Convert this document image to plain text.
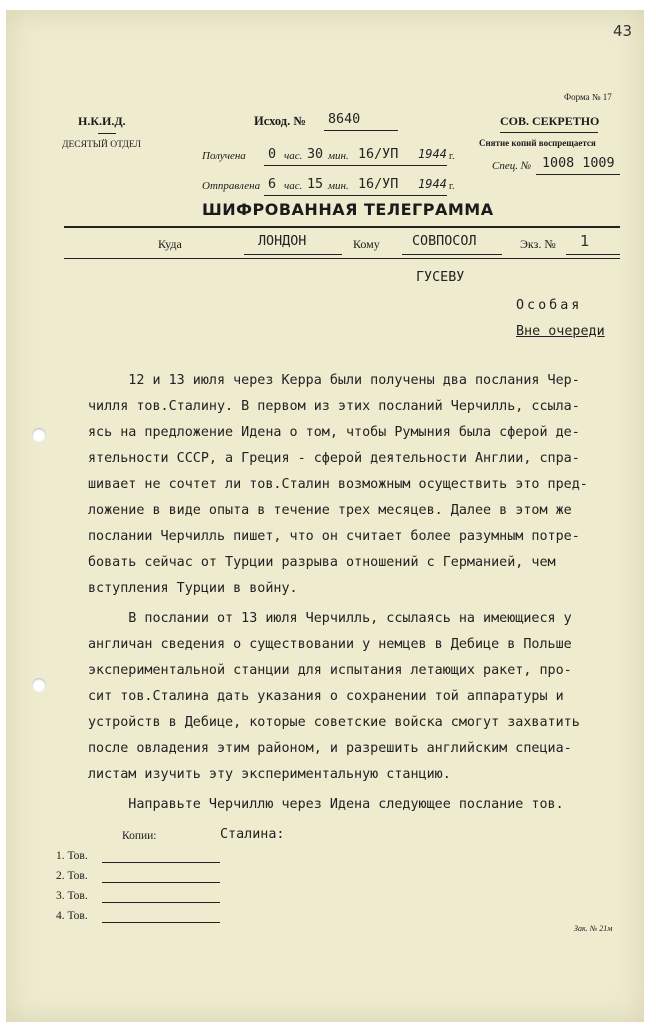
43
Форма № 17
Н.К.И.Д.
ДЕСЯТЫЙ ОТДЕЛ
Исход. № 8640
Получена 0 час. 30 мин. 16/УП 1944 г.
Отправлена 6 час. 15 мин. 16/УП 1944 г.
СОВ. СЕКРЕТНО
Снятие копий воспрещается
Спец. № 1008 1009
ШИФРОВАННАЯ ТЕЛЕГРАММА
Куда	ЛОНДОН	Кому СОВПОСОЛ	Экз. № 1
ГУСЕВУ
Особая
Вне очереди
12 и 13 июля через Керра были получены два послания Чер-
чилля тов.Сталину. В первом из этих посланий Черчилль, ссыла-
ясь на предложение Идена о том, чтобы Румыния была сферой де-
ятельности СССР, а Греция - сферой деятельности Англии, спра-
шивает не сочтет ли тов.Сталин возможным осуществить это пред-
ложение в виде опыта в течение трех месяцев. Далее в этом же
послании Черчилль пишет, что он считает более разумным потре-
бовать сейчас от Турции разрыва отношений с Германией, чем
вступления Турции в войну.
В послании от 13 июля Черчилль, ссылаясь на имеющиеся у
англичан сведения о существовании у немцев в Дебице в Польше
экспериментальной станции для испытания летающих ракет, про-
сит тов.Сталина дать указания о сохранении той аппаратуры и
устройств в Дебице, которые советские войска смогут захватить
после овладения этим районом, и разрешить английским специа-
листам изучить эту экспериментальную станцию.
Направьте Черчиллю через Идена следующее послание тов.
Сталина:
Копии:
1. Тов.
2. Тов.
3. Тов.
4. Тов.
Зак. № 21м
